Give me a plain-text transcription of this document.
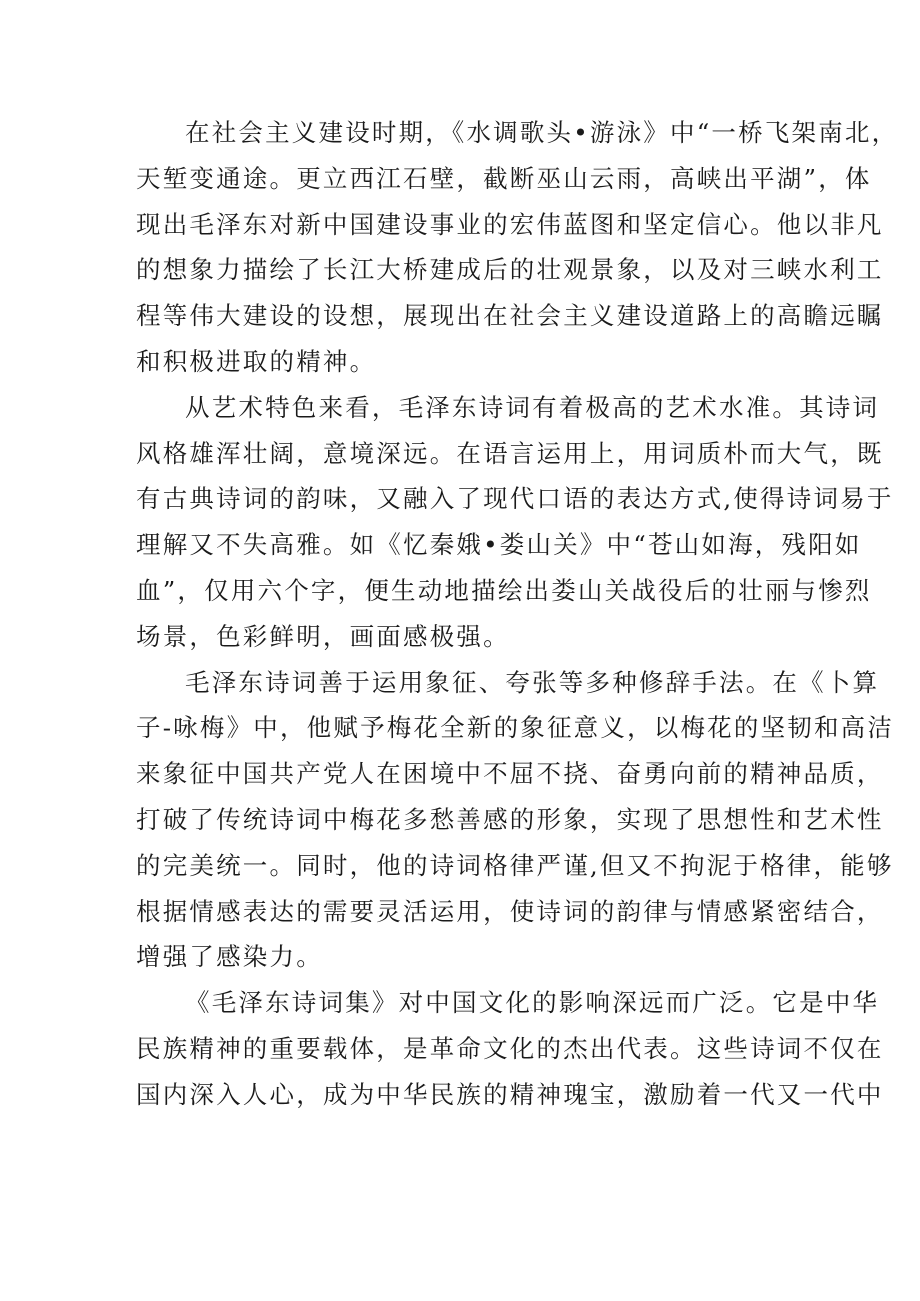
在社会主义建设时期，《水调歌头•游泳》中“一桥飞架南北，
天堑变通途。更立西江石壁，截断巫山云雨，高峡出平湖”，体
现出毛泽东对新中国建设事业的宏伟蓝图和坚定信心。他以非凡
的想象力描绘了长江大桥建成后的壮观景象，以及对三峡水利工
程等伟大建设的设想，展现出在社会主义建设道路上的高瞻远瞩
和积极进取的精神。
从艺术特色来看，毛泽东诗词有着极高的艺术水准。其诗词
风格雄浑壮阔，意境深远。在语言运用上，用词质朴而大气，既
有古典诗词的韵味，又融入了现代口语的表达方式,使得诗词易于
理解又不失高雅。如《忆秦娥•娄山关》中“苍山如海，残阳如
血”，仅用六个字，便生动地描绘出娄山关战役后的壮丽与惨烈
场景，色彩鲜明，画面感极强。
毛泽东诗词善于运用象征、夸张等多种修辞手法。在《卜算
子-咏梅》中，他赋予梅花全新的象征意义，以梅花的坚韧和高洁
来象征中国共产党人在困境中不屈不挠、奋勇向前的精神品质，
打破了传统诗词中梅花多愁善感的形象，实现了思想性和艺术性
的完美统一。同时，他的诗词格律严谨,但又不拘泥于格律，能够
根据情感表达的需要灵活运用，使诗词的韵律与情感紧密结合，
增强了感染力。
《毛泽东诗词集》对中国文化的影响深远而广泛。它是中华
民族精神的重要载体，是革命文化的杰出代表。这些诗词不仅在
国内深入人心，成为中华民族的精神瑰宝，激励着一代又一代中
